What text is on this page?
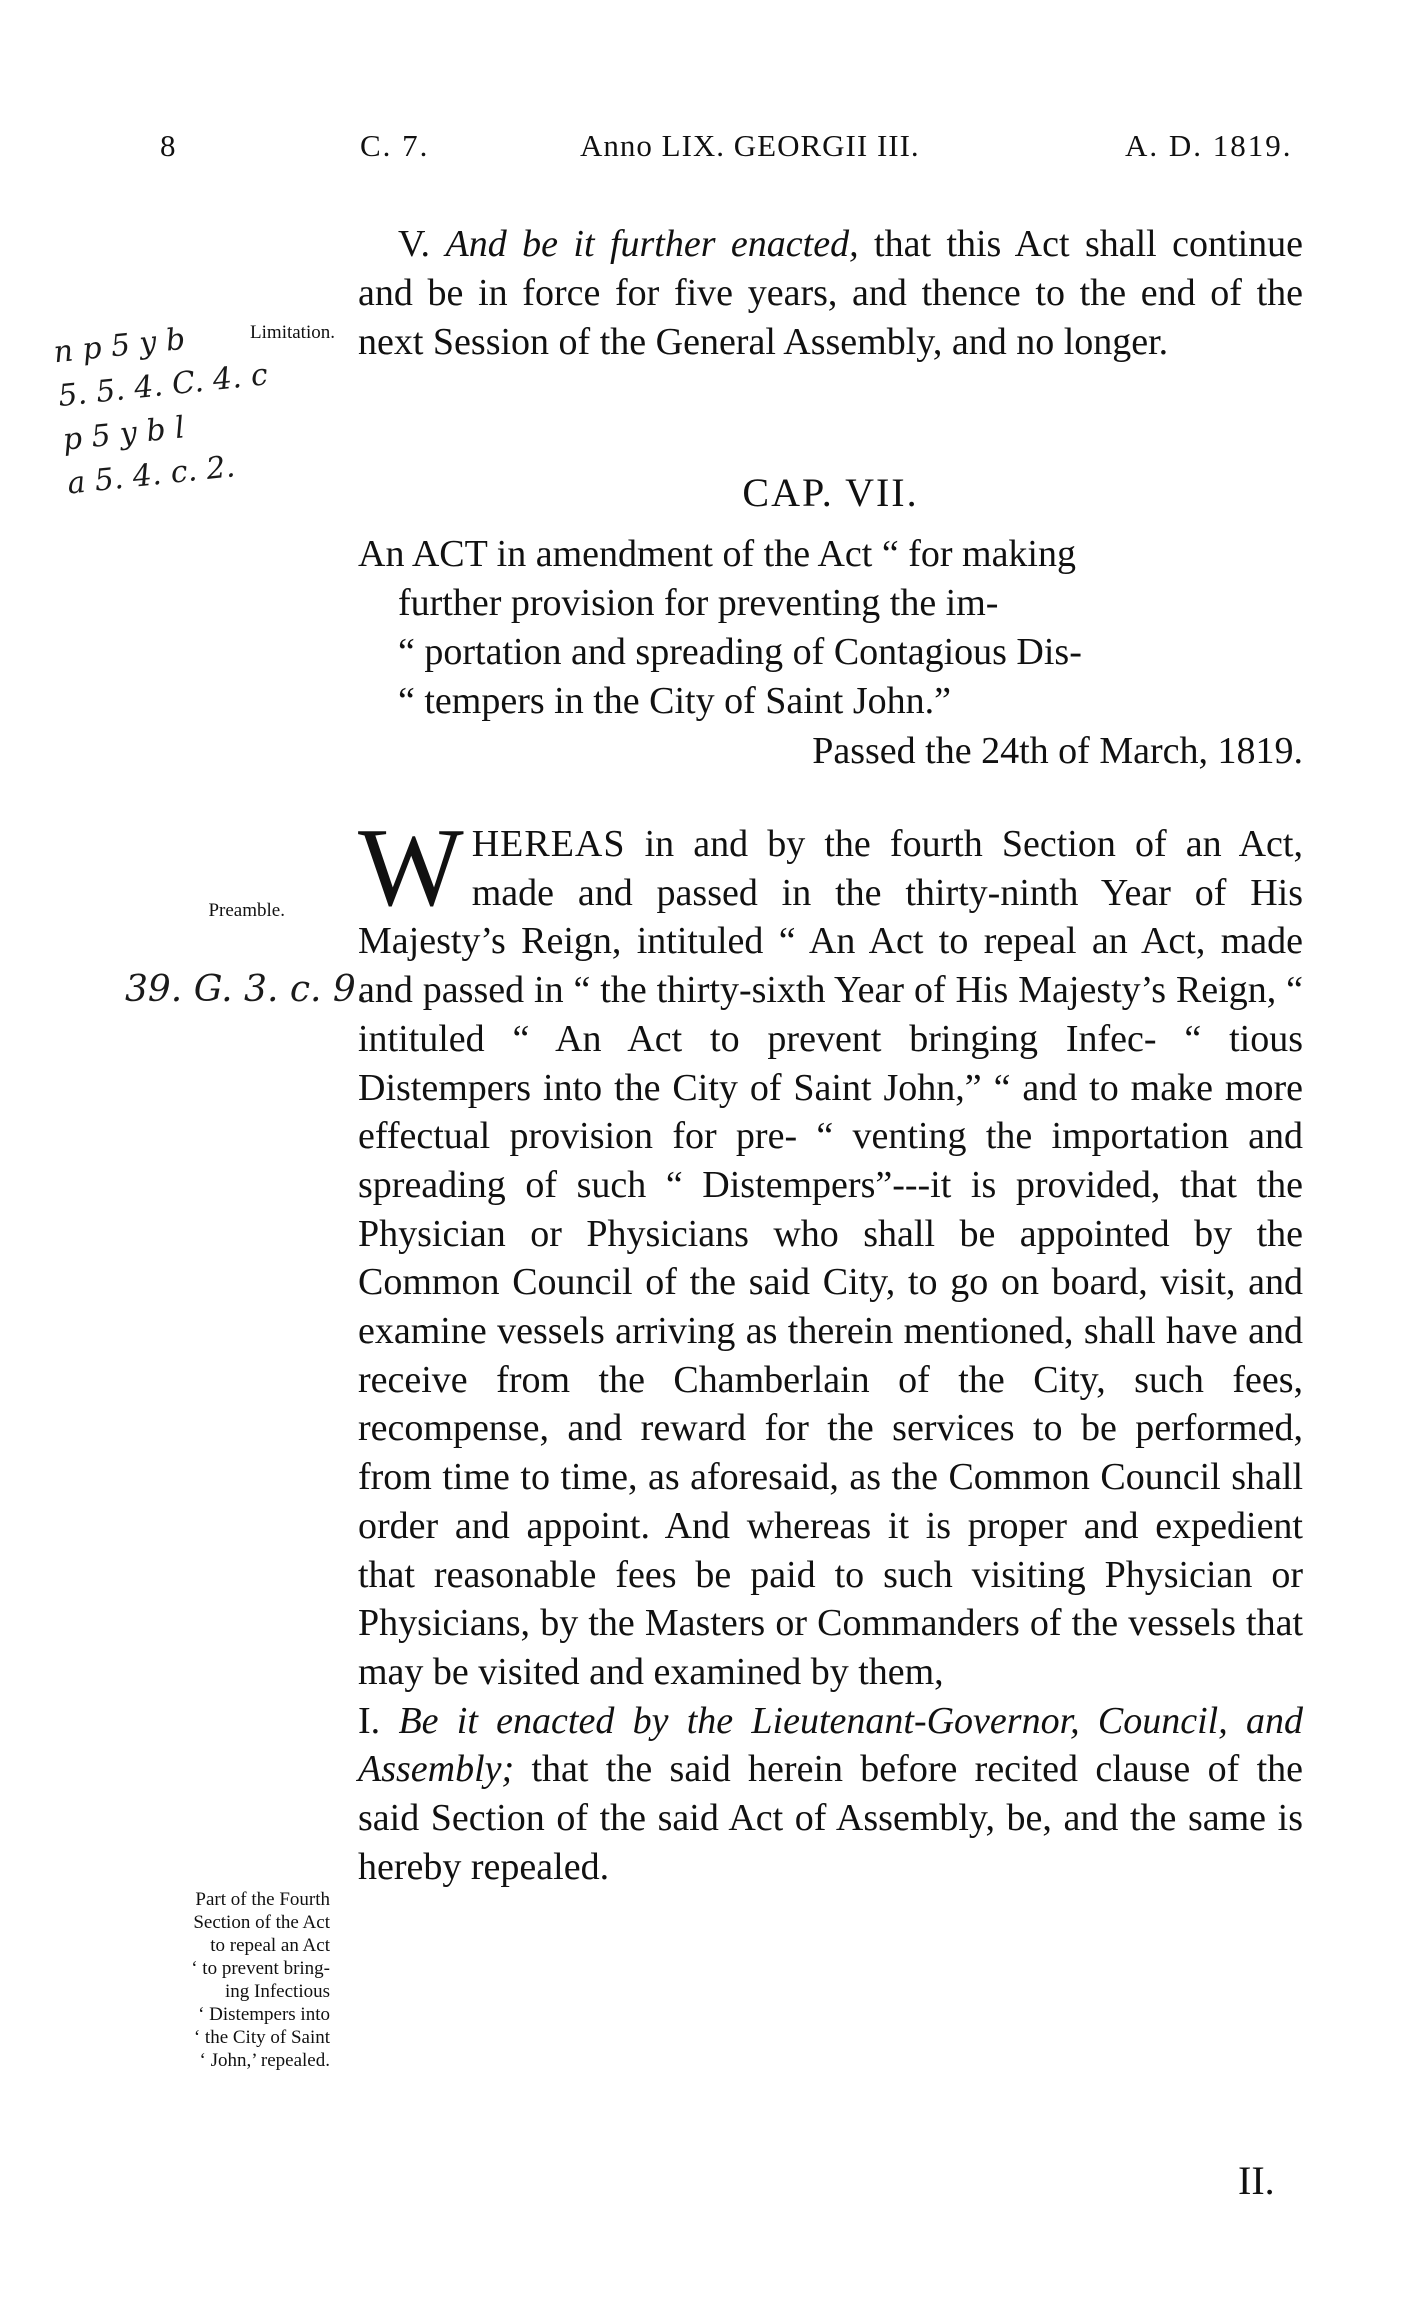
8	C. 7.	Anno LIX. GEORGII III.	A. D. 1819.
V. And be it further enacted, that this Act shall continue and be in force for five years, and thence to the end of the next Session of the General Assembly, and no longer.
Limitation.
n p 5 y b
5. 5. 4. C. 4. c
p 5 y b l
a 5. 4. c. 2.	CAP. VII.
An ACT in amendment of the Act “ for making
further provision for preventing the im-
“ portation and spreading of Contagious Dis-
“ tempers in the City of Saint John.”
Passed the 24th of March, 1819.
W HEREAS in and by the fourth Section of an Act, made and passed in the thirty-ninth Year of His Majesty’s Reign, intituled “ An Act to repeal an Act, made and passed in “ the thirty-sixth Year of His Majesty’s Reign, “ intituled “ An Act to prevent bringing Infec- “ tious Distempers into the City of Saint John,” “ and to make more effectual provision for pre- “ venting the importation and spreading of such “ Distempers”---it is provided, that the Physician or Physicians who shall be appointed by the Common Council of the said City, to go on board, visit, and examine vessels arriving as therein mentioned, shall have and receive from the Chamberlain of the City, such fees, recompense, and reward for the services to be performed, from time to time, as aforesaid, as the Common Council shall order and appoint. And whereas it is proper and expedient that reasonable fees be paid to such visiting Physician or Physicians, by the Masters or Commanders of the vessels that may be visited and examined by them,
I. Be it enacted by the Lieutenant-Governor, Council, and Assembly; that the said herein before recited clause of the said Section of the said Act of Assembly, be, and the same is hereby repealed.
Preamble.
39. G. 3. c. 9.
Part of the Fourth
Section of the Act
to repeal an Act
‘ to prevent bring-
ing Infectious
‘ Distempers into
‘ the City of Saint
‘ John,’ repealed.
II.
